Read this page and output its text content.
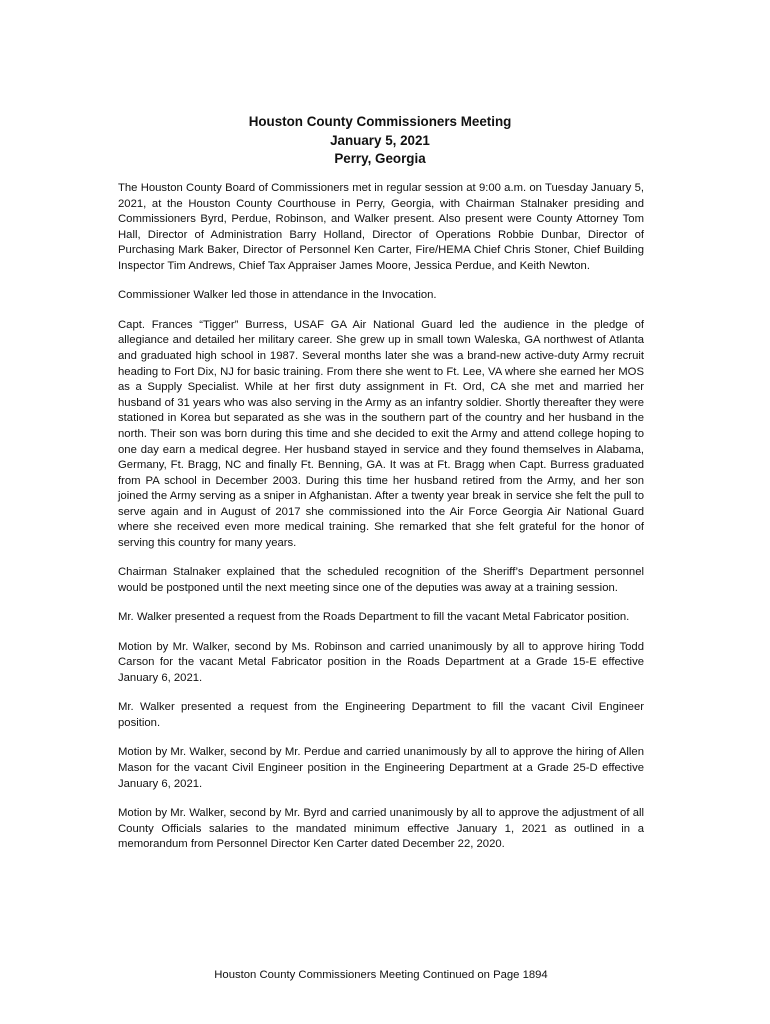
Houston County Commissioners Meeting
January 5, 2021
Perry, Georgia

The Houston County Board of Commissioners met in regular session at 9:00 a.m. on Tuesday January 5, 2021, at the Houston County Courthouse in Perry, Georgia, with Chairman Stalnaker presiding and Commissioners Byrd, Perdue, Robinson, and Walker present. Also present were County Attorney Tom Hall, Director of Administration Barry Holland, Director of Operations Robbie Dunbar, Director of Purchasing Mark Baker, Director of Personnel Ken Carter, Fire/HEMA Chief Chris Stoner, Chief Building Inspector Tim Andrews, Chief Tax Appraiser James Moore, Jessica Perdue, and Keith Newton.

Commissioner Walker led those in attendance in the Invocation.

Capt. Frances “Tigger” Burress, USAF GA Air National Guard led the audience in the pledge of allegiance and detailed her military career. She grew up in small town Waleska, GA northwest of Atlanta and graduated high school in 1987. Several months later she was a brand-new active-duty Army recruit heading to Fort Dix, NJ for basic training. From there she went to Ft. Lee, VA where she earned her MOS as a Supply Specialist. While at her first duty assignment in Ft. Ord, CA she met and married her husband of 31 years who was also serving in the Army as an infantry soldier. Shortly thereafter they were stationed in Korea but separated as she was in the southern part of the country and her husband in the north. Their son was born during this time and she decided to exit the Army and attend college hoping to one day earn a medical degree. Her husband stayed in service and they found themselves in Alabama, Germany, Ft. Bragg, NC and finally Ft. Benning, GA. It was at Ft. Bragg when Capt. Burress graduated from PA school in December 2003. During this time her husband retired from the Army, and her son joined the Army serving as a sniper in Afghanistan. After a twenty year break in service she felt the pull to serve again and in August of 2017 she commissioned into the Air Force Georgia Air National Guard where she received even more medical training. She remarked that she felt grateful for the honor of serving this country for many years.

Chairman Stalnaker explained that the scheduled recognition of the Sheriff’s Department personnel would be postponed until the next meeting since one of the deputies was away at a training session.

Mr. Walker presented a request from the Roads Department to fill the vacant Metal Fabricator position.

Motion by Mr. Walker, second by Ms. Robinson and carried unanimously by all to approve hiring Todd Carson for the vacant Metal Fabricator position in the Roads Department at a Grade 15-E effective January 6, 2021.

Mr. Walker presented a request from the Engineering Department to fill the vacant Civil Engineer position.

Motion by Mr. Walker, second by Mr. Perdue and carried unanimously by all to approve the hiring of Allen Mason for the vacant Civil Engineer position in the Engineering Department at a Grade 25-D effective January 6, 2021.

Motion by Mr. Walker, second by Mr. Byrd and carried unanimously by all to approve the adjustment of all County Officials salaries to the mandated minimum effective January 1, 2021 as outlined in a memorandum from Personnel Director Ken Carter dated December 22, 2020.

Houston County Commissioners Meeting Continued on Page 1894
